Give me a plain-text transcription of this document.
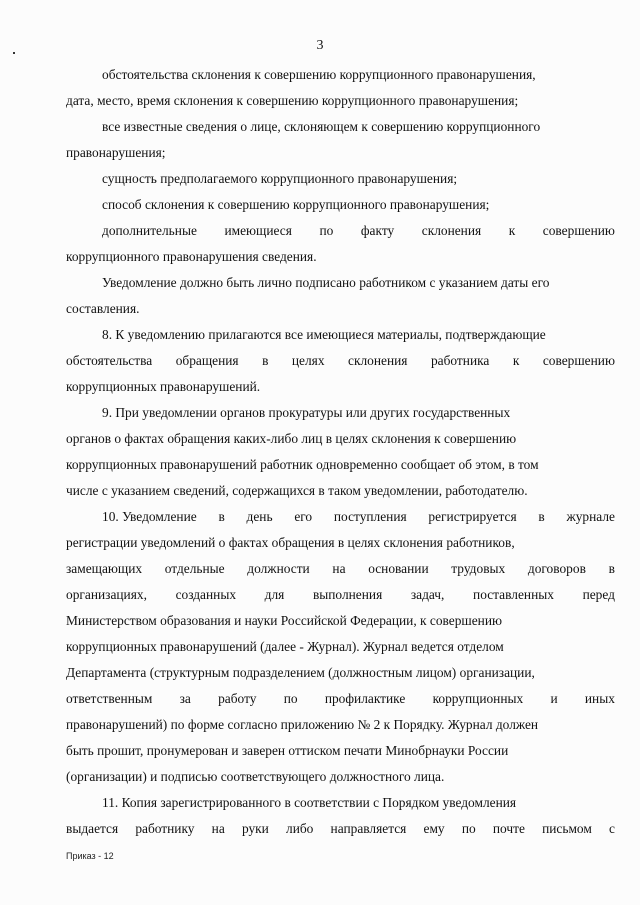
3
обстоятельства склонения к совершению коррупционного правонарушения,
дата, место, время склонения к совершению коррупционного правонарушения;
все известные сведения о лице, склоняющем к совершению коррупционного
правонарушения;
сущность предполагаемого коррупционного правонарушения;
способ склонения к совершению коррупционного правонарушения;
дополнительные имеющиеся по факту склонения к совершению
коррупционного правонарушения сведения.
Уведомление должно быть лично подписано работником с указанием даты его
составления.
8. К уведомлению прилагаются все имеющиеся материалы, подтверждающие
обстоятельства обращения в целях склонения работника к совершению
коррупционных правонарушений.
9. При уведомлении органов прокуратуры или других государственных
органов о фактах обращения каких-либо лиц в целях склонения к совершению
коррупционных правонарушений работник одновременно сообщает об этом, в том
числе с указанием сведений, содержащихся в таком уведомлении, работодателю.
10. Уведомление в день его поступления регистрируется в журнале
регистрации уведомлений о фактах обращения в целях склонения работников,
замещающих отдельные должности на основании трудовых договоров в
организациях, созданных для выполнения задач, поставленных перед
Министерством образования и науки Российской Федерации, к совершению
коррупционных правонарушений (далее - Журнал). Журнал ведется отделом
Департамента (структурным подразделением (должностным лицом) организации,
ответственным за работу по профилактике коррупционных и иных
правонарушений) по форме согласно приложению № 2 к Порядку. Журнал должен
быть прошит, пронумерован и заверен оттиском печати Минобрнауки России
(организации) и подписью соответствующего должностного лица.
11. Копия зарегистрированного в соответствии с Порядком уведомления
выдается работнику на руки либо направляется ему по почте письмом с
Приказ - 12
